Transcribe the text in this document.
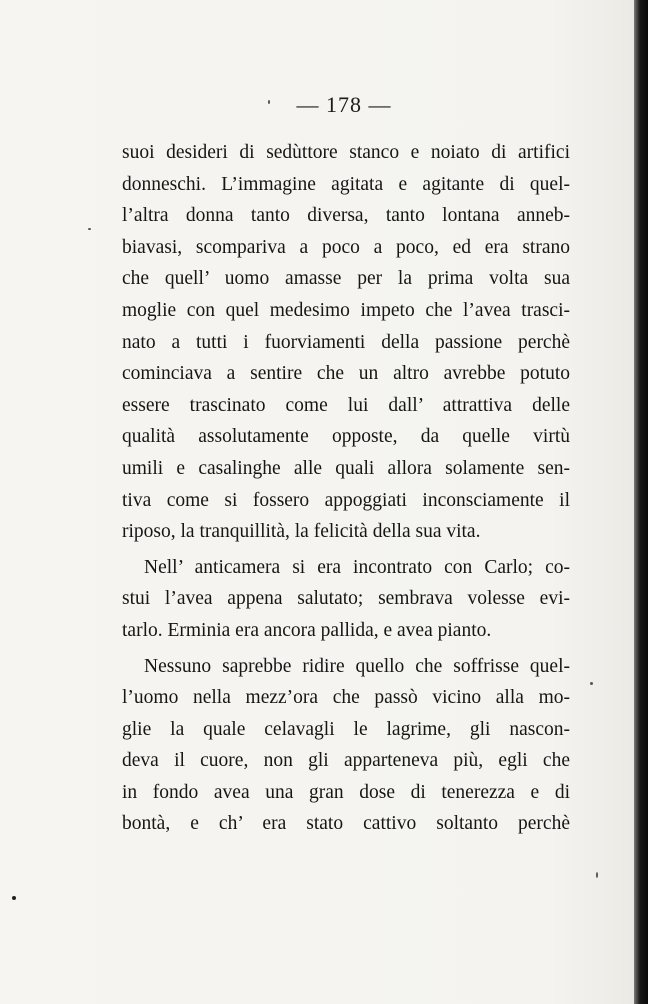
— 178 —
suoi desideri di sedùttore stanco e noiato di artifici
donneschi. L’immagine agitata e agitante di quel-
l’altra donna tanto diversa, tanto lontana anneb-
biavasi, scompariva a poco a poco, ed era strano
che quell’ uomo amasse per la prima volta sua
moglie con quel medesimo impeto che l’avea trasci-
nato a tutti i fuorviamenti della passione perchè
cominciava a sentire che un altro avrebbe potuto
essere trascinato come lui dall’ attrattiva delle
qualità assolutamente opposte, da quelle virtù
umili e casalinghe alle quali allora solamente sen-
tiva come si fossero appoggiati inconsciamente il
riposo, la tranquillità, la felicità della sua vita.
Nell’ anticamera si era incontrato con Carlo; co-
stui l’avea appena salutato; sembrava volesse evi-
tarlo. Erminia era ancora pallida, e avea pianto.
Nessuno saprebbe ridire quello che soffrisse quel-
l’uomo nella mezz’ora che passò vicino alla mo-
glie la quale celavagli le lagrime, gli nascon-
deva il cuore, non gli apparteneva più, egli che
in fondo avea una gran dose di tenerezza e di
bontà, e ch’ era stato cattivo soltanto perchè
